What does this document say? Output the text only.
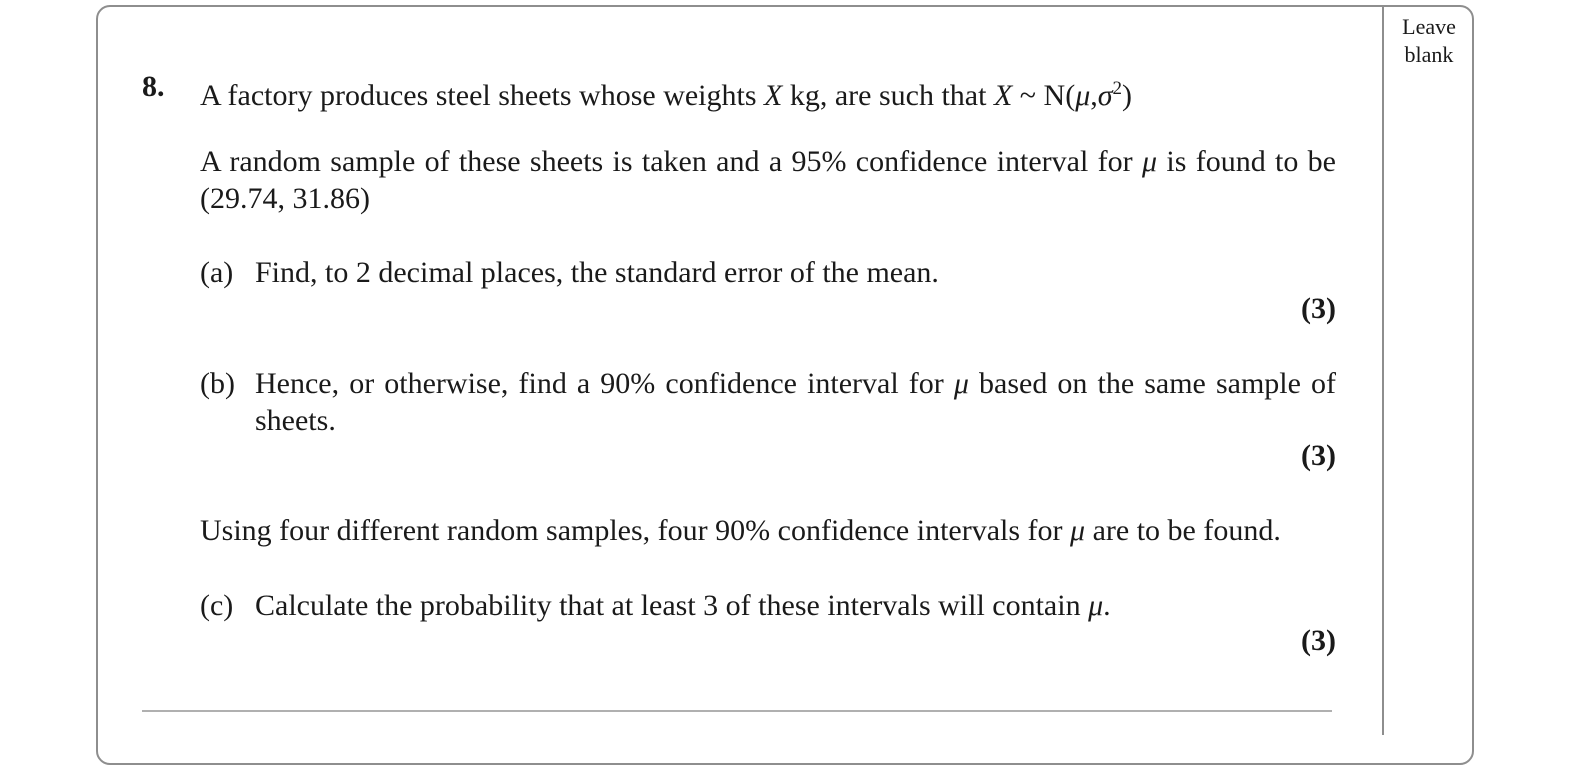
Leave
blank
8. A factory produces steel sheets whose weights X kg, are such that X ~ $N(\mu,\sigma^2)$
A random sample of these sheets is taken and a 95% confidence interval for μ is found to be (29.74, 31.86)
(a) Find, to 2 decimal places, the standard error of the mean.
(3)
(b) Hence, or otherwise, find a 90% confidence interval for μ based on the same sample of sheets.
(3)
Using four different random samples, four 90% confidence intervals for μ are to be found.
(c) Calculate the probability that at least 3 of these intervals will contain μ.
(3)
